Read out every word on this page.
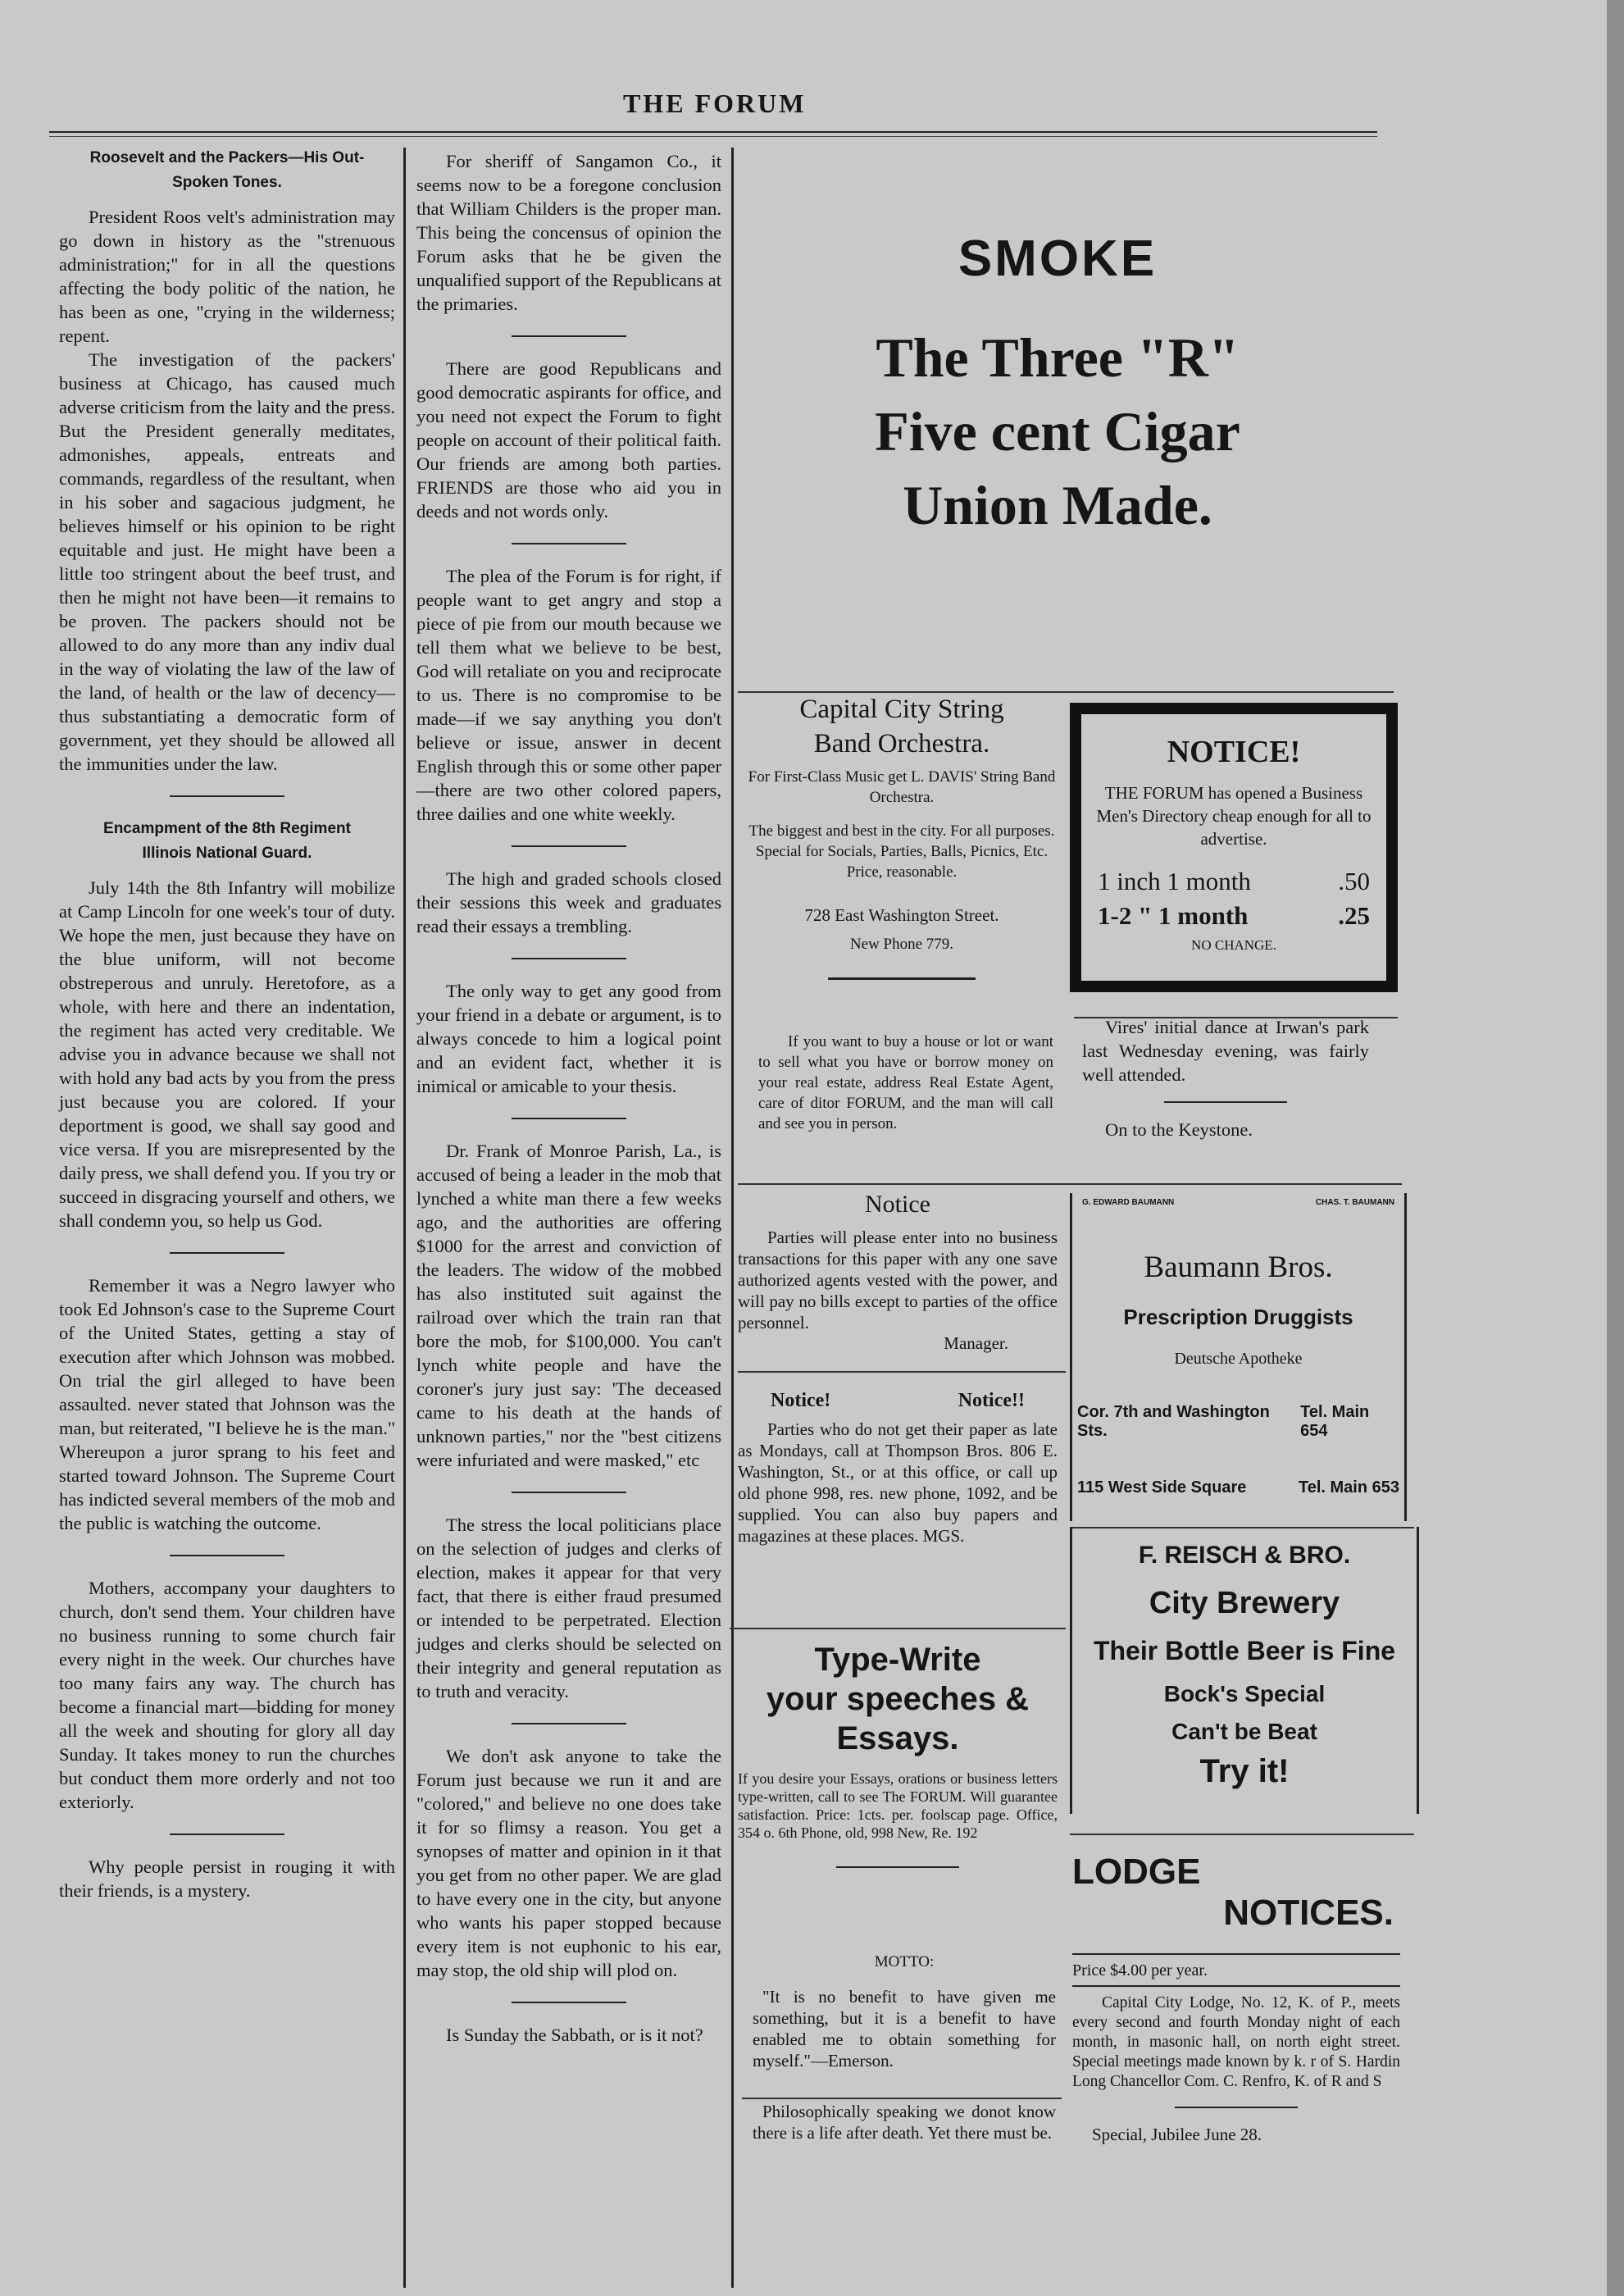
THE FORUM
Roosevelt and the Packers—His Out-
Spoken Tones.

President Roos velt's administration may go down in history as the "strenuous administration;" for in all the questions affecting the body politic of the nation, he has been as one, "crying in the wilderness; repent.

The investigation of the packers' business at Chicago, has caused much adverse criticism from the laity and the press. But the President generally meditates, admonishes, appeals, entreats and commands, regardless of the resultant, when in his sober and sagacious judgment, he believes himself or his opinion to be right equitable and just. He might have been a little too stringent about the beef trust, and then he might not have been—it remains to be proven. The packers should not be allowed to do any more than any indiv dual in the way of violating the law of the law of the land, of health or the law of decency—thus substantiating a democratic form of government, yet they should be allowed all the immunities under the law.

Encampment of the 8th Regiment
Illinois National Guard.

July 14th the 8th Infantry will mobilize at Camp Lincoln for one week's tour of duty. We hope the men, just because they have on the blue uniform, will not become obstreperous and unruly. Heretofore, as a whole, with here and there an indentation, the regiment has acted very creditable. We advise you in advance because we shall not with hold any bad acts by you from the press just because you are colored. If your deportment is good, we shall say good and vice versa. If you are misrepresented by the daily press, we shall defend you. If you try or succeed in disgracing yourself and others, we shall condemn you, so help us God.

Remember it was a Negro lawyer who took Ed Johnson's case to the Supreme Court of the United States, getting a stay of execution after which Johnson was mobbed. On trial the girl alleged to have been assaulted. never stated that Johnson was the man, but reiterated, "I believe he is the man." Whereupon a juror sprang to his feet and started toward Johnson. The Supreme Court has indicted several members of the mob and the public is watching the outcome.

Mothers, accompany your daughters to church, don't send them. Your children have no business running to some church fair every night in the week. Our churches have too many fairs any way. The church has become a financial mart—bidding for money all the week and shouting for glory all day Sunday. It takes money to run the churches but conduct them more orderly and not too exteriorly.

Why people persist in rouging it with their friends, is a mystery.

For sheriff of Sangamon Co., it seems now to be a foregone conclusion that William Childers is the proper man. This being the concensus of opinion the Forum asks that he be given the unqualified support of the Republicans at the primaries.

There are good Republicans and good democratic aspirants for office, and you need not expect the Forum to fight people on account of their political faith. Our friends are among both parties. FRIENDS are those who aid you in deeds and not words only.

The plea of the Forum is for right, if people want to get angry and stop a piece of pie from our mouth because we tell them what we believe to be best, God will retaliate on you and reciprocate to us. There is no compromise to be made—if we say anything you don't believe or issue, answer in decent English through this or some other paper—there are two other colored papers, three dailies and one white weekly.

The high and graded schools closed their sessions this week and graduates read their essays a trembling.

The only way to get any good from your friend in a debate or argument, is to always concede to him a logical point and an evident fact, whether it is inimical or amicable to your thesis.

Dr. Frank of Monroe Parish, La., is accused of being a leader in the mob that lynched a white man there a few weeks ago, and the authorities are offering $1000 for the arrest and conviction of the leaders. The widow of the mobbed has also instituted suit against the railroad over which the train ran that bore the mob, for $100,000. You can't lynch white people and have the coroner's jury just say: 'The deceased came to his death at the hands of unknown parties," nor the "best citizens were infuriated and were masked," etc

The stress the local politicians place on the selection of judges and clerks of election, makes it appear for that very fact, that there is either fraud presumed or intended to be perpetrated. Election judges and clerks should be selected on their integrity and general reputation as to truth and veracity.

We don't ask anyone to take the Forum just because we run it and are "colored," and believe no one does take it for so flimsy a reason. You get a synopses of matter and opinion in it that you get from no other paper. We are glad to have every one in the city, but anyone who wants his paper stopped because every item is not euphonic to his ear, may stop, the old ship will plod on.

Is Sunday the Sabbath, or is it not?

SMOKE
The Three "R"
Five cent Cigar
Union Made.
Capital City String
Band Orchestra.
For First-Class Music get L. DAVIS' String Band Orchestra.
The biggest and best in the city. For all purposes. Special for Socials, Parties, Balls, Picnics, Etc. Price, reasonable.
728 East Washington Street.
New Phone 779.
NOTICE!
THE FORUM has opened a Business Men's Directory cheap enough for all to advertise.
1 inch 1 month	.50
1-2 " 1 month	.25
NO CHANGE.

Vires' initial dance at Irwan's park last Wednesday evening, was fairly well attended.

On to the Keystone.

If you want to buy a house or lot or want to sell what you have or borrow money on your real estate, address Real Estate Agent, care of ditor FORUM, and the man will call and see you in person.

Notice

Parties will please enter into no business transactions for this paper with any one save authorized agents vested with the power, and will pay no bills except to parties of the office personnel.

Manager.
Notice!	Notice!!

Parties who do not get their paper as late as Mondays, call at Thompson Bros. 806 E. Washington, St., or at this office, or call up old phone 998, res. new phone, 1092, and be supplied. You can also buy papers and magazines at these places. MGS.

Type-Write
your speeches &
Essays.
If you desire your Essays, orations or business letters type-written, call to see The FORUM. Will guarantee satisfaction. Price: 1cts. per. foolscap page. Office, 354 o. 6th Phone, old, 998 New, Re. 192
MOTTO:

"It is no benefit to have given me something, but it is a benefit to have enabled me to obtain something for myself."—Emerson.

Philosophically speaking we donot know there is a life after death. Yet there must be.

G. EDWARD BAUMANN	CHAS. T. BAUMANN
Baumann Bros.
Prescription Druggists
Deutsche Apotheke
Cor. 7th and Washington Sts.
Tel. Main 654
115 West Side Square	Tel. Main 653
F. REISCH & BRO.
City Brewery
Their Bottle Beer is Fine
Bock's Special
Can't be Beat
Try it!
LODGE
NOTICES.
Price $4.00 per year.

Capital City Lodge, No. 12, K. of P., meets every second and fourth Monday night of each month, in masonic hall, on north eight street. Special meetings made known by k. r of S. Hardin Long Chancellor Com. C. Renfro, K. of R and S

Special, Jubilee June 28.
